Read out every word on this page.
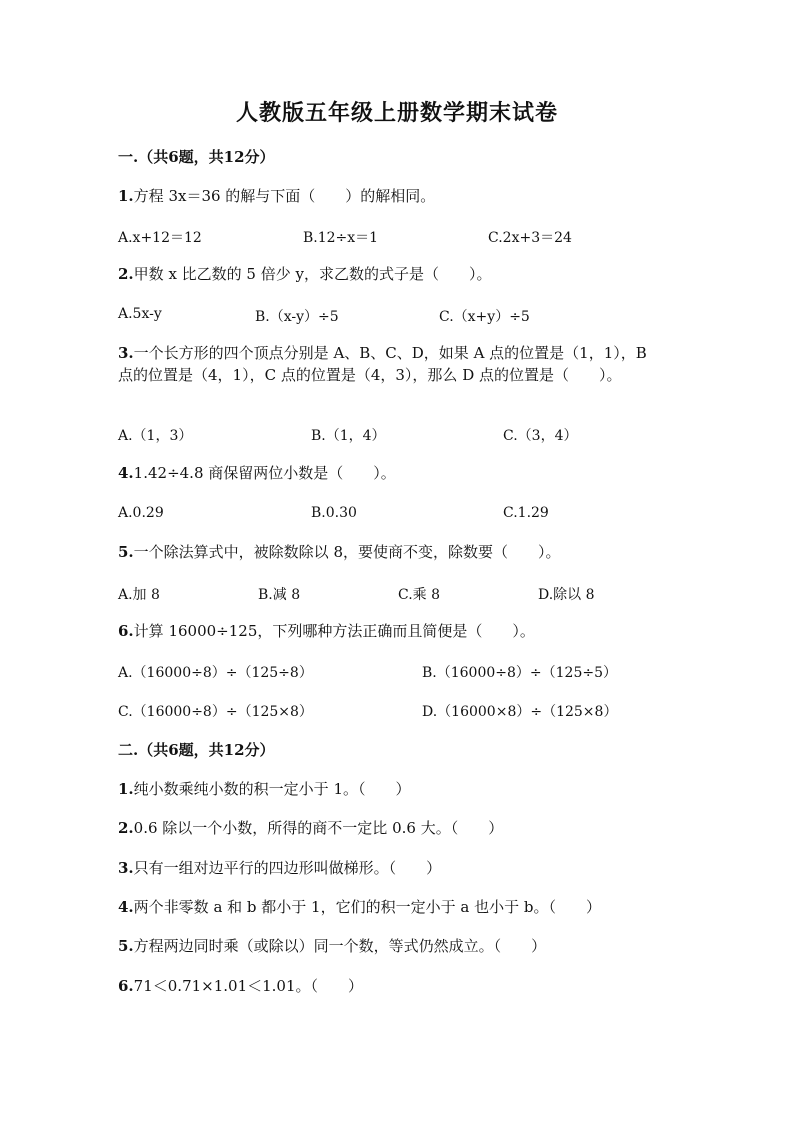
人教版五年级上册数学期末试卷
一.（共6题，共12分）
1.方程 3x＝36 的解与下面（　　）的解相同。
A.x+12＝12	B.12÷x＝1	C.2x+3＝24
2.甲数 x 比乙数的 5 倍少 y，求乙数的式子是（　　）。
A.5x-y	B.（x-y）÷5	C.（x+y）÷5
3.一个长方形的四个顶点分别是 A、B、C、D，如果 A 点的位置是（1，1），B
点的位置是（4，1），C 点的位置是（4，3），那么 D 点的位置是（　　）。
A.（1，3）	B.（1，4）	C.（3，4）
4.1.42÷4.8 商保留两位小数是（　　）。
A.0.29	B.0.30	C.1.29
5.一个除法算式中，被除数除以 8，要使商不变，除数要（　　）。
A.加 8	B.减 8	C.乘 8	D.除以 8
6.计算 16000÷125，下列哪种方法正确而且简便是（　　）。
A.（16000÷8）÷（125÷8）	B.（16000÷8）÷（125÷5）
C.（16000÷8）÷（125×8）	D.（16000×8）÷（125×8）
二.（共6题，共12分）
1.纯小数乘纯小数的积一定小于 1。（　　）
2.0.6 除以一个小数，所得的商不一定比 0.6 大。（　　）
3.只有一组对边平行的四边形叫做梯形。（　　）
4.两个非零数 a 和 b 都小于 1，它们的积一定小于 a 也小于 b。（　　）
5.方程两边同时乘（或除以）同一个数，等式仍然成立。（　　）
6.71＜0.71×1.01＜1.01。（　　）
